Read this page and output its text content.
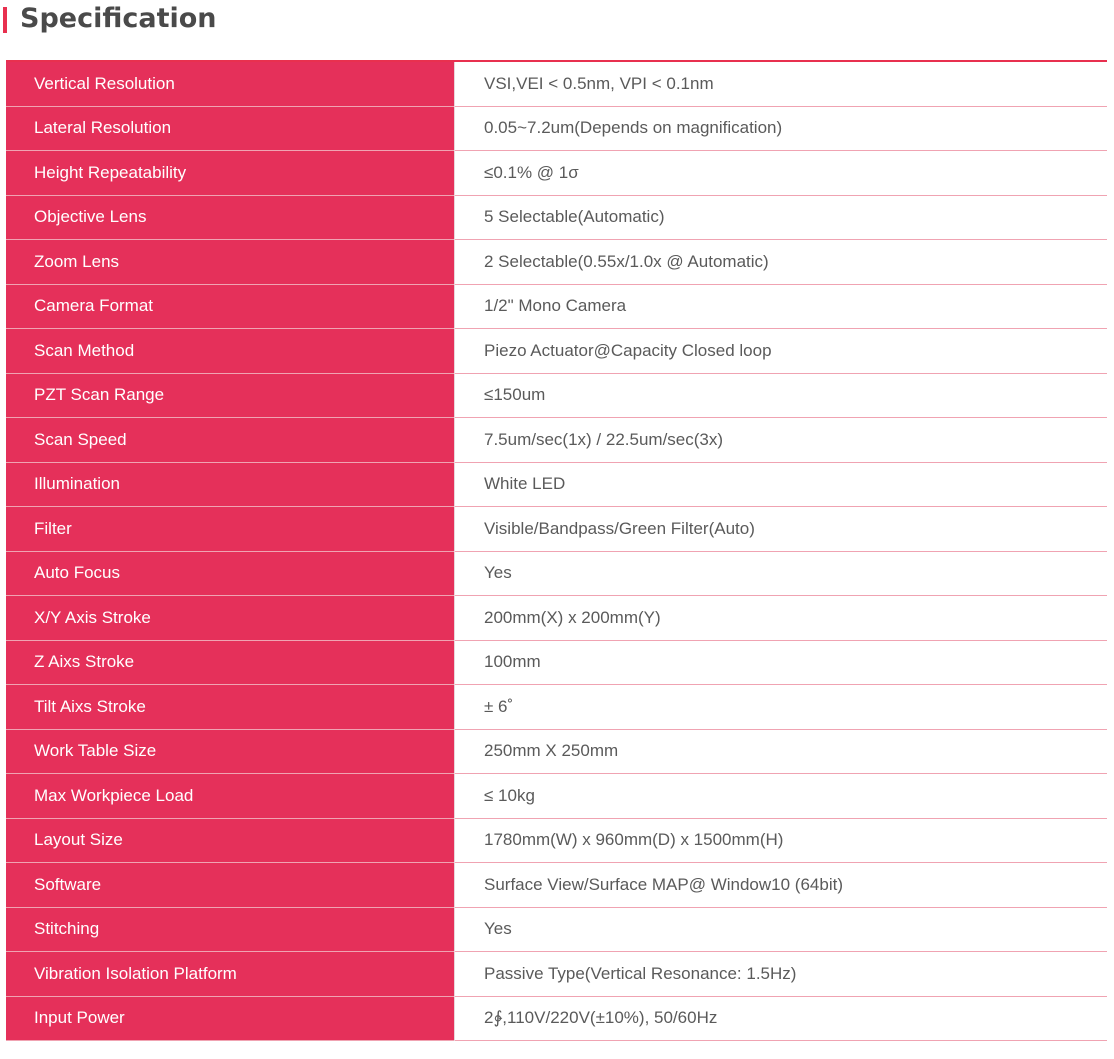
Specification
Vertical Resolution	VSI,VEI < 0.5nm, VPI < 0.1nm
Lateral Resolution	0.05~7.2um(Depends on magnification)
Height Repeatability	≤0.1% @ 1σ
Objective Lens	5 Selectable(Automatic)
Zoom Lens	2 Selectable(0.55x/1.0x @ Automatic)
Camera Format	1/2" Mono Camera
Scan Method	Piezo Actuator@Capacity Closed loop
PZT Scan Range	≤150um
Scan Speed	7.5um/sec(1x) / 22.5um/sec(3x)
Illumination	White LED
Filter	Visible/Bandpass/Green Filter(Auto)
Auto Focus	Yes
X/Y Axis Stroke	200mm(X) x 200mm(Y)
Z Aixs Stroke	100mm
Tilt Aixs Stroke	± 6˚
Work Table Size	250mm X 250mm
Max Workpiece Load	≤ 10kg
Layout Size	1780mm(W) x 960mm(D) x 1500mm(H)
Software	Surface View/Surface MAP@ Window10 (64bit)
Stitching	Yes
Vibration Isolation Platform	Passive Type(Vertical Resonance: 1.5Hz)
Input Power	2∲,110V/220V(±10%), 50/60Hz
